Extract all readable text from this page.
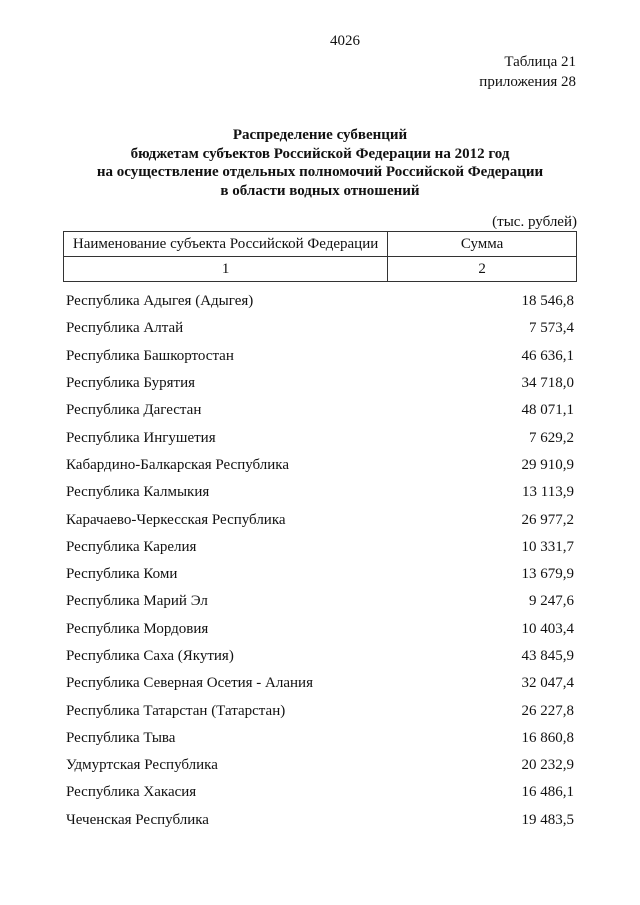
4026
Таблица 21
приложения 28
Распределение субвенций
бюджетам субъектов Российской Федерации на 2012 год
на осуществление отдельных полномочий Российской Федерации
в области водных отношений
(тыс. рублей)
Наименование субъекта Российской Федерации	Сумма
1	2
Республика Адыгея (Адыгея)	18 546,8
Республика Алтай	7 573,4
Республика Башкортостан	46 636,1
Республика Бурятия	34 718,0
Республика Дагестан	48 071,1
Республика Ингушетия	7 629,2
Кабардино-Балкарская Республика	29 910,9
Республика Калмыкия	13 113,9
Карачаево-Черкесская Республика	26 977,2
Республика Карелия	10 331,7
Республика Коми	13 679,9
Республика Марий Эл	9 247,6
Республика Мордовия	10 403,4
Республика Саха (Якутия)	43 845,9
Республика Северная Осетия - Алания	32 047,4
Республика Татарстан (Татарстан)	26 227,8
Республика Тыва	16 860,8
Удмуртская Республика	20 232,9
Республика Хакасия	16 486,1
Чеченская Республика	19 483,5
